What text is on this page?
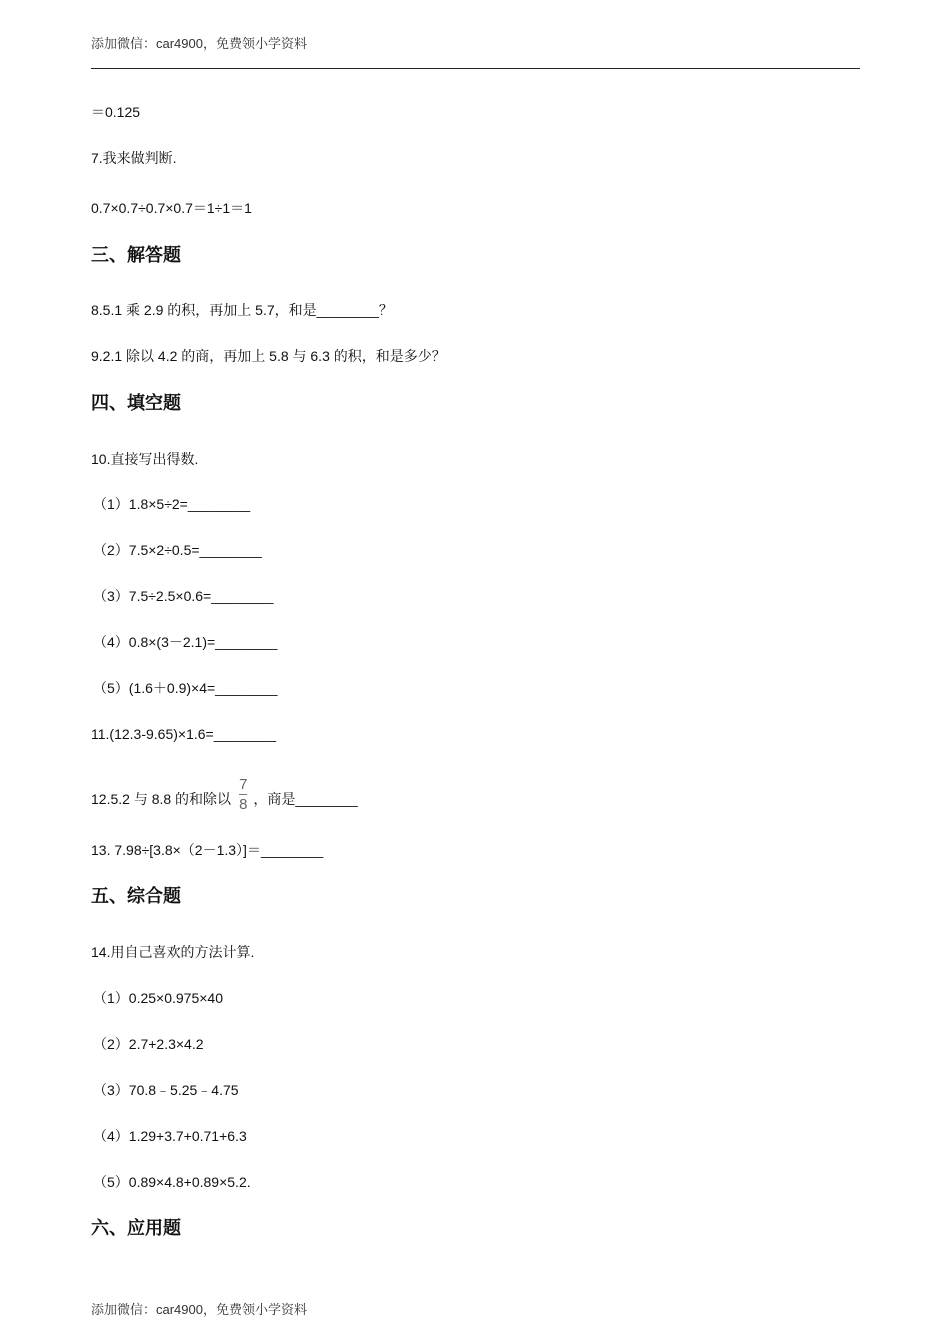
添加微信：car4900，免费领小学资料
＝0.125
7.我来做判断.
0.7×0.7÷0.7×0.7＝1÷1＝1
三、解答题
8.5.1 乘 2.9 的积，再加上 5.7，和是________？
9.2.1 除以 4.2 的商，再加上 5.8 与 6.3 的积，和是多少？
四、填空题
10.直接写出得数.
（1）1.8×5÷2=________
（2）7.5×2÷0.5=________
（3）7.5÷2.5×0.6=________
（4）0.8×(3－2.1)=________
（5）(1.6＋0.9)×4=________
11.(12.3-9.65)×1.6=________
12.5.2 与 8.8 的和除以 $\frac{7}{8}$ ，商是________
13. 7.98÷[3.8×（2－1.3）]＝________
五、综合题
14.用自己喜欢的方法计算.
（1）0.25×0.975×40
（2）2.7+2.3×4.2
（3）70.8﹣5.25﹣4.75
（4）1.29+3.7+0.71+6.3
（5）0.89×4.8+0.89×5.2.
六、应用题
添加微信：car4900，免费领小学资料
